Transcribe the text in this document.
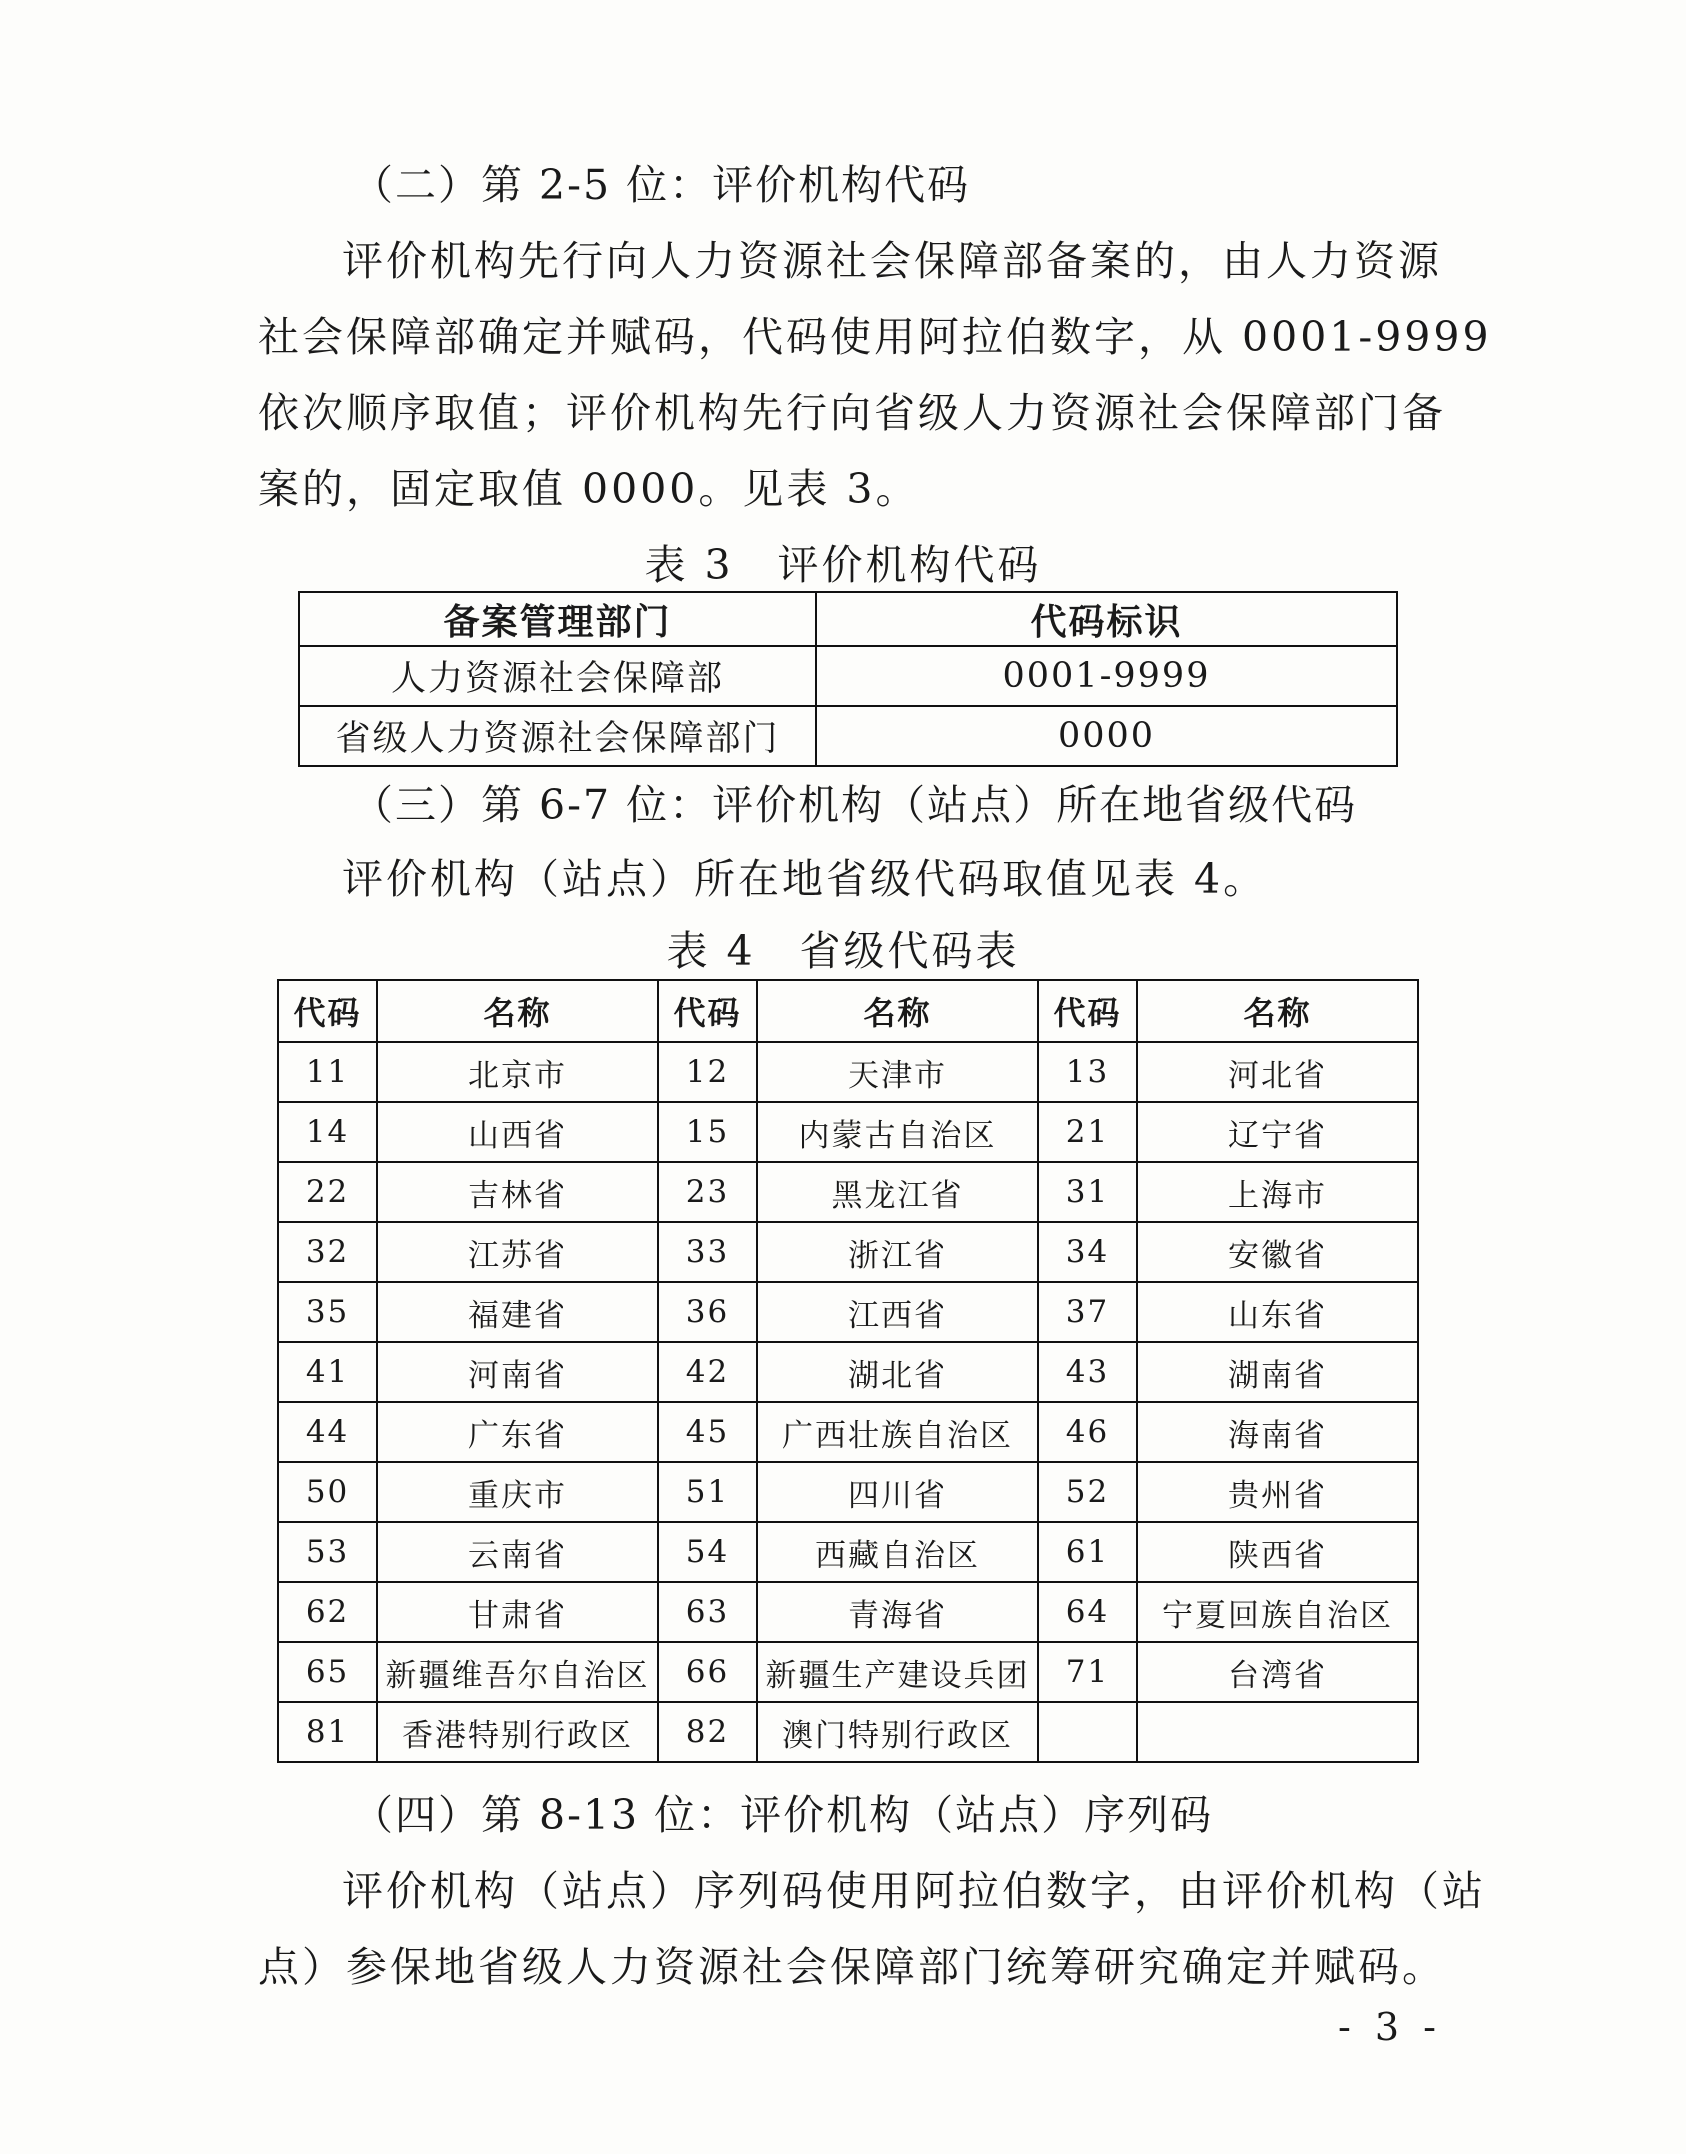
（二）第 2-5 位：评价机构代码
评价机构先行向人力资源社会保障部备案的，由人力资源
社会保障部确定并赋码，代码使用阿拉伯数字，从 0001-9999
依次顺序取值；评价机构先行向省级人力资源社会保障部门备
案的，固定取值 0000。见表 3。
表 3　评价机构代码
备案管理部门	代码标识
人力资源社会保障部	0001-9999
省级人力资源社会保障部门	0000
（三）第 6-7 位：评价机构（站点）所在地省级代码
评价机构（站点）所在地省级代码取值见表 4。
表 4　省级代码表
代码	名称	代码	名称	代码	名称
11	北京市	12	天津市	13	河北省
14	山西省	15	内蒙古自治区	21	辽宁省
22	吉林省	23	黑龙江省	31	上海市
32	江苏省	33	浙江省	34	安徽省
35	福建省	36	江西省	37	山东省
41	河南省	42	湖北省	43	湖南省
44	广东省	45	广西壮族自治区	46	海南省
50	重庆市	51	四川省	52	贵州省
53	云南省	54	西藏自治区	61	陕西省
62	甘肃省	63	青海省	64	宁夏回族自治区
65	新疆维吾尔自治区	66	新疆生产建设兵团	71	台湾省
81	香港特别行政区	82	澳门特别行政区		
（四）第 8-13 位：评价机构（站点）序列码
评价机构（站点）序列码使用阿拉伯数字，由评价机构（站
点）参保地省级人力资源社会保障部门统筹研究确定并赋码。
- 3 -
